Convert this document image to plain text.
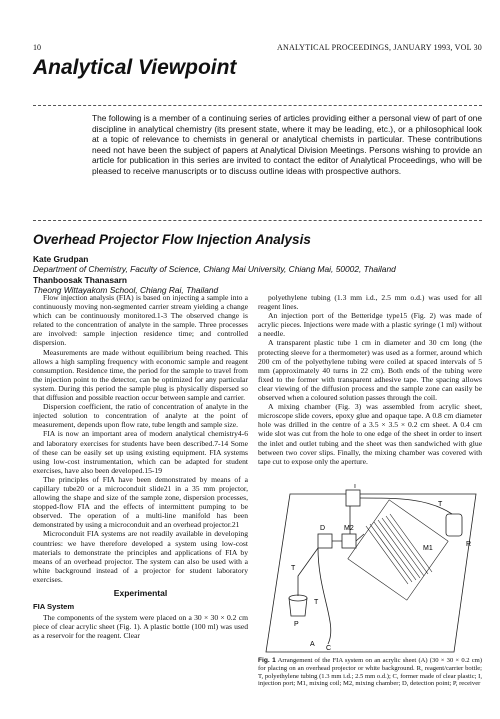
10	ANALYTICAL PROCEEDINGS, JANUARY 1993, VOL 30
Analytical Viewpoint
The following is a member of a continuing series of articles providing either a personal view of part of one discipline in analytical chemistry (its present state, where it may be leading, etc.), or a philosophical look at a topic of relevance to chemists in general or analytical chemists in particular. These contributions need not have been the subject of papers at Analytical Division Meetings. Persons wishing to provide an article for publication in this series are invited to contact the editor of Analytical Proceedings, who will be pleased to receive manuscripts or to discuss outline ideas with prospective authors.
Overhead Projector Flow Injection Analysis
Kate Grudpan
Department of Chemistry, Faculty of Science, Chiang Mai University, Chiang Mai, 50002, Thailand
Thanboosak Thanasarn
Theong Wittayakom School, Chiang Rai, Thailand

Flow injection analysis (FIA) is based on injecting a sample into a continuously moving non-segmented carrier stream yielding a change which can be continuously monitored.1-3 The observed change is related to the concentration of analyte in the sample. Three processes are involved: sample injection residence time; and controlled dispersion.

Measurements are made without equilibrium being reached. This allows a high sampling frequency with economic sample and reagent consumption. Residence time, the period for the sample to travel from the injection point to the detector, can be optimized for any particular system. During this period the sample plug is physically dispersed so that diffusion and possible reaction occur between sample and carrier.

Dispersion coefficient, the ratio of concentration of analyte in the injected solution to concentration of analyte at the point of measurement, depends upon flow rate, tube length and sample size.

FIA is now an important area of modern analytical chemistry4-6 and laboratory exercises for students have been described.7-14 Some of these can be easily set up using existing equipment. FIA systems using low-cost instrumentation, which can be adapted for student exercises, have also been developed.15-19

The principles of FIA have been demonstrated by means of a capillary tube20 or a microconduit slide21 in a 35 mm projector, allowing the shape and size of the sample zone, dispersion processes, stopped-flow FIA and the effects of intermittent pumping to be observed. The operation of a multi-line manifold has been demonstrated by using a microconduit and an overhead projector.21

Microconduit FIA systems are not readily available in developing countries: we have therefore developed a system using low-cost materials to demonstrate the principles and applications of FIA by means of an overhead projector. The system can also be used with a white background instead of a projector for student laboratory exercises.

Experimental
FIA System

The components of the system were placed on a 30 × 30 × 0.2 cm piece of clear acrylic sheet (Fig. 1). A plastic bottle (100 ml) was used as a reservoir for the reagent. Clear

polyethylene tubing (1.3 mm i.d., 2.5 mm o.d.) was used for all reagent lines.

An injection port of the Betteridge type15 (Fig. 2) was made of acrylic pieces. Injections were made with a plastic syringe (1 ml) without a needle.

A transparent plastic tube 1 cm in diameter and 30 cm long (the protecting sleeve for a thermometer) was used as a former, around which 200 cm of the polyethylene tubing were coiled at spaced intervals of 5 mm (approximately 40 turns in 22 cm). Both ends of the tubing were fixed to the former with transparent adhesive tape. The spacing allows clear viewing of the diffusion process and the sample zone can easily be observed when a coloured solution passes through the coil.

A mixing chamber (Fig. 3) was assembled from acrylic sheet, microscope slide covers, epoxy glue and opaque tape. A 0.8 cm diameter hole was drilled in the centre of a 3.5 × 3.5 × 0.2 cm sheet. A 0.4 cm wide slot was cut from the hole to one edge of the sheet in order to insert the inlet and outlet tubing and the sheet was then sandwiched with glue between two cover slips. Finally, the mixing chamber was covered with tape cut to expose only the aperture.

I
T
R
D	M2
M1
T
T
P
A
C
Fig. 1 Arrangement of the FIA system on an acrylic sheet (A) (30 × 30 × 0.2 cm) for placing on an overhead projector or white background. R, reagent/carrier bottle; T, polyethylene tubing (1.3 mm i.d.; 2.5 mm o.d.); C, former made of clear plastic; I, injection port; M1, mixing coil; M2, mixing chamber; D, detection point; P, receiver
